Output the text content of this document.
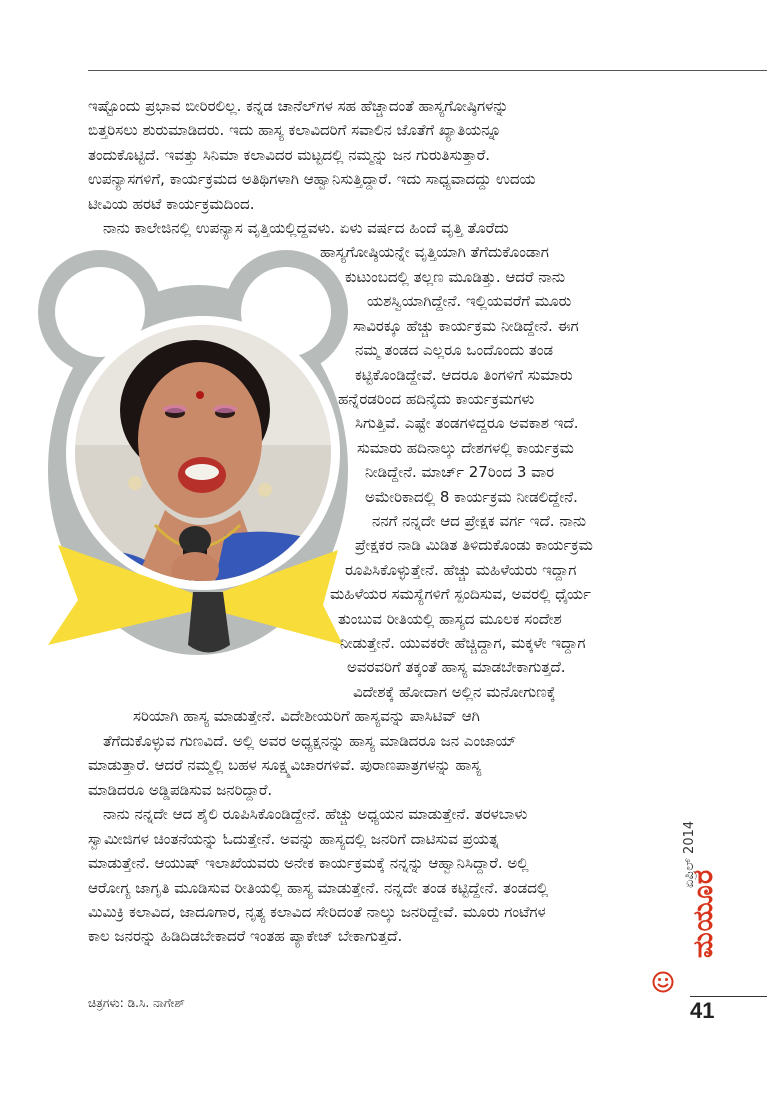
ಇಷ್ಟೊಂದು ಪ್ರಭಾವ ಬೀರಿರಲಿಲ್ಲ. ಕನ್ನಡ ಚಾನೆಲ್‌ಗಳ ಸಹ ಹೆಚ್ಚಾದಂತೆ ಹಾಸ್ಯಗೋಷ್ಠಿಗಳನ್ನು
ಬಿತ್ತರಿಸಲು ಶುರುಮಾಡಿದರು. ಇದು ಹಾಸ್ಯ ಕಲಾವಿದರಿಗೆ ಸವಾಲಿನ ಜೊತೆಗೆ ಖ್ಯಾತಿಯನ್ನೂ
ತಂದುಕೊಟ್ಟಿದೆ. ಇವತ್ತು ಸಿನಿಮಾ ಕಲಾವಿದರ ಮಟ್ಟದಲ್ಲಿ ನಮ್ಮನ್ನು ಜನ ಗುರುತಿಸುತ್ತಾರೆ.
ಉಪನ್ಯಾಸಗಳಿಗೆ, ಕಾರ್ಯಕ್ರಮದ ಅತಿಥಿಗಳಾಗಿ ಆಹ್ವಾನಿಸುತ್ತಿದ್ದಾರೆ. ಇದು ಸಾಧ್ಯವಾದದ್ದು ಉದಯ
ಟೀವಿಯ ಹರಟೆ ಕಾರ್ಯಕ್ರಮದಿಂದ.
ನಾನು ಕಾಲೇಜಿನಲ್ಲಿ ಉಪನ್ಯಾಸ ವೃತ್ತಿಯಲ್ಲಿದ್ದವಳು. ಏಳು ವರ್ಷದ ಹಿಂದೆ ವೃತ್ತಿ ತೊರೆದು
ಹಾಸ್ಯಗೋಷ್ಠಿಯನ್ನೇ ವೃತ್ತಿಯಾಗಿ ತೆಗೆದುಕೊಂಡಾಗ
ಕುಟುಂಬದಲ್ಲಿ ತಲ್ಲಣ ಮೂಡಿತ್ತು. ಆದರೆ ನಾನು
ಯಶಸ್ವಿಯಾಗಿದ್ದೇನೆ. ಇಲ್ಲಿಯವರೆಗೆ ಮೂರು
ಸಾವಿರಕ್ಕೂ ಹೆಚ್ಚು ಕಾರ್ಯಕ್ರಮ ನೀಡಿದ್ದೇನೆ. ಈಗ
ನಮ್ಮ ತಂಡದ ಎಲ್ಲರೂ ಒಂದೊಂದು ತಂಡ
ಕಟ್ಟಿಕೊಂಡಿದ್ದೇವೆ. ಆದರೂ ತಿಂಗಳಿಗೆ ಸುಮಾರು
ಹನ್ನೆರಡರಿಂದ ಹದಿನೈದು ಕಾರ್ಯಕ್ರಮಗಳು
ಸಿಗುತ್ತಿವೆ. ಎಷ್ಟೇ ತಂಡಗಳಿದ್ದರೂ ಅವಕಾಶ ಇದೆ.
ಸುಮಾರು ಹದಿನಾಲ್ಕು ದೇಶಗಳಲ್ಲಿ ಕಾರ್ಯಕ್ರಮ
ನೀಡಿದ್ದೇನೆ. ಮಾರ್ಚ್ 27ರಿಂದ 3 ವಾರ
ಅಮೇರಿಕಾದಲ್ಲಿ 8 ಕಾರ್ಯಕ್ರಮ ನೀಡಲಿದ್ದೇನೆ.
ನನಗೆ ನನ್ನದೇ ಆದ ಪ್ರೇಕ್ಷಕ ವರ್ಗ ಇದೆ. ನಾನು
ಪ್ರೇಕ್ಷಕರ ನಾಡಿ ಮಿಡಿತ ತಿಳಿದುಕೊಂಡು ಕಾರ್ಯಕ್ರಮ
ರೂಪಿಸಿಕೊಳ್ಳುತ್ತೇನೆ. ಹೆಚ್ಚು ಮಹಿಳೆಯರು ಇದ್ದಾಗ
ಮಹಿಳೆಯರ ಸಮಸ್ಯೆಗಳಿಗೆ ಸ್ಪಂದಿಸುವ, ಅವರಲ್ಲಿ ಧೈರ್ಯ
ತುಂಬುವ ರೀತಿಯಲ್ಲಿ ಹಾಸ್ಯದ ಮೂಲಕ ಸಂದೇಶ
ನೀಡುತ್ತೇನೆ. ಯುವಕರೇ ಹೆಚ್ಚಿದ್ದಾಗ, ಮಕ್ಕಳೇ ಇದ್ದಾಗ
ಅವರವರಿಗೆ ತಕ್ಕಂತೆ ಹಾಸ್ಯ ಮಾಡಬೇಕಾಗುತ್ತದೆ.
ವಿದೇಶಕ್ಕೆ ಹೋದಾಗ ಅಲ್ಲಿನ ಮನೋಗುಣಕ್ಕೆ
ಸರಿಯಾಗಿ ಹಾಸ್ಯ ಮಾಡುತ್ತೇನೆ. ವಿದೇಶೀಯರಿಗೆ ಹಾಸ್ಯವನ್ನು ಪಾಸಿಟಿವ್ ಆಗಿ
ತೆಗೆದುಕೊಳ್ಳುವ ಗುಣವಿದೆ. ಅಲ್ಲಿ ಅವರ ಅಧ್ಯಕ್ಷನನ್ನು ಹಾಸ್ಯ ಮಾಡಿದರೂ ಜನ ಎಂಜಾಯ್
ಮಾಡುತ್ತಾರೆ. ಆದರೆ ನಮ್ಮಲ್ಲಿ ಬಹಳ ಸೂಕ್ಷ್ಮವಿಚಾರಗಳಿವೆ. ಪುರಾಣಪಾತ್ರಗಳನ್ನು ಹಾಸ್ಯ
ಮಾಡಿದರೂ ಅಡ್ಡಿಪಡಿಸುವ ಜನರಿದ್ದಾರೆ.
ನಾನು ನನ್ನದೇ ಆದ ಶೈಲಿ ರೂಪಿಸಿಕೊಂಡಿದ್ದೇನೆ. ಹೆಚ್ಚು ಅಧ್ಯಯನ ಮಾಡುತ್ತೇನೆ. ತರಳಬಾಳು
ಸ್ವಾಮೀಜಿಗಳ ಚಿಂತನೆಯನ್ನು ಓದುತ್ತೇನೆ. ಅವನ್ನು ಹಾಸ್ಯದಲ್ಲಿ ಜನರಿಗೆ ದಾಟಿಸುವ ಪ್ರಯತ್ನ
ಮಾಡುತ್ತೇನೆ. ಆಯುಷ್ ಇಲಾಖೆಯವರು ಅನೇಕ ಕಾರ್ಯಕ್ರಮಕ್ಕೆ ನನ್ನನ್ನು ಆಹ್ವಾನಿಸಿದ್ದಾರೆ. ಅಲ್ಲಿ
ಆರೋಗ್ಯ ಜಾಗೃತಿ ಮೂಡಿಸುವ ರೀತಿಯಲ್ಲಿ ಹಾಸ್ಯ ಮಾಡುತ್ತೇನೆ. ನನ್ನದೇ ತಂಡ ಕಟ್ಟಿದ್ದೇನೆ. ತಂಡದಲ್ಲಿ
ಮಿಮಿಕ್ರಿ ಕಲಾವಿದ, ಜಾದೂಗಾರ, ನೃತ್ಯ ಕಲಾವಿದ ಸೇರಿದಂತೆ ನಾಲ್ಕು ಜನರಿದ್ದೇವೆ. ಮೂರು ಗಂಟೆಗಳ
ಕಾಲ ಜನರನ್ನು ಹಿಡಿದಿಡಬೇಕಾದರೆ ಇಂತಹ ಪ್ಯಾಕೇಜ್ ಬೇಕಾಗುತ್ತದೆ.
ಏಪ್ರಿಲ್ 2014
ಮಯೂರ
41
ಚಿತ್ರಗಳು: ಡಿ.ಸಿ. ನಾಗೇಶ್
